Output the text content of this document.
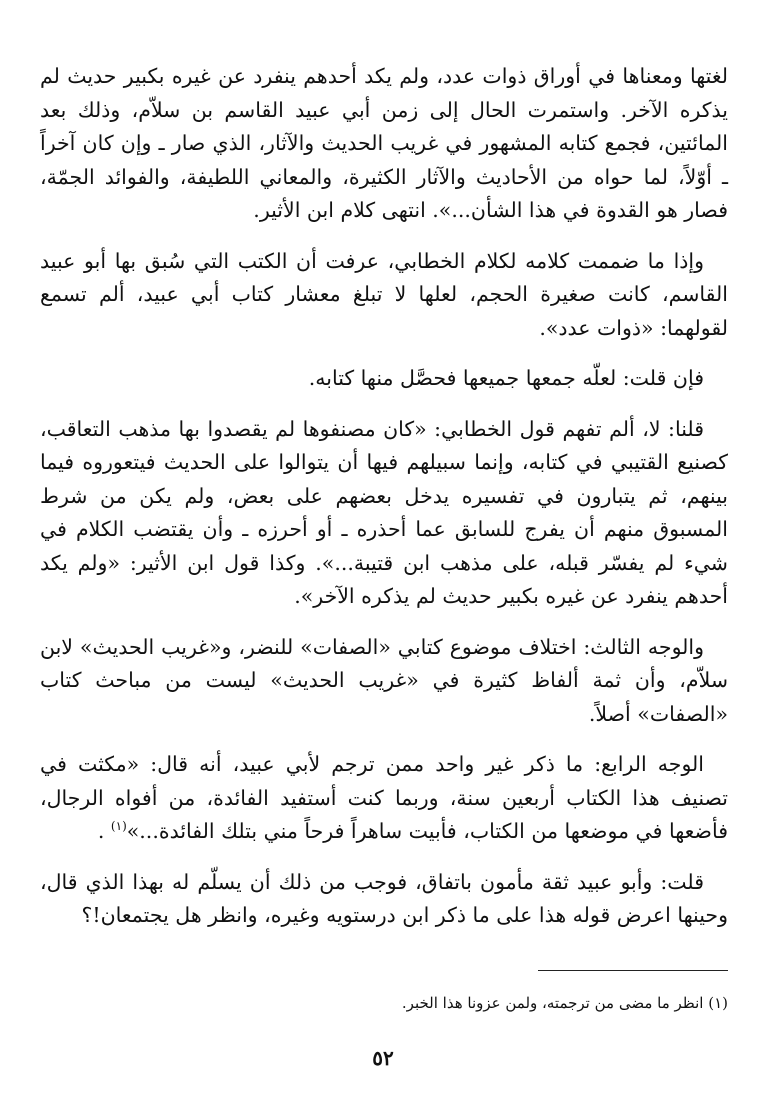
لغتها ومعناها في أوراق ذوات عدد، ولم يكد أحدهم ينفرد عن غيره بكبير حديث لم يذكره الآخر. واستمرت الحال إلى زمن أبي عبيد القاسم بن سلاّم، وذلك بعد المائتين، فجمع كتابه المشهور في غريب الحديث والآثار، الذي صار ـ وإن كان آخراً ـ أوّلاً، لما حواه من الأحاديث والآثار الكثيرة، والمعاني اللطيفة، والفوائد الجمّة، فصار هو القدوة في هذا الشأن...». انتهى كلام ابن الأثير.

وإذا ما ضممت كلامه لكلام الخطابي، عرفت أن الكتب التي سُبق بها أبو عبيد القاسم، كانت صغيرة الحجم، لعلها لا تبلغ معشار كتاب أبي عبيد، ألم تسمع لقولهما: «ذوات عدد».

فإن قلت: لعلّه جمعها جميعها فحصَّل منها كتابه.

قلنا: لا، ألم تفهم قول الخطابي: «كان مصنفوها لم يقصدوا بها مذهب التعاقب، كصنيع القتيبي في كتابه، وإنما سبيلهم فيها أن يتوالوا على الحديث فيتعوروه فيما بينهم، ثم يتبارون في تفسيره يدخل بعضهم على بعض، ولم يكن من شرط المسبوق منهم أن يفرج للسابق عما أحذره ـ أو أحرزه ـ وأن يقتضب الكلام في شيء لم يفسّر قبله، على مذهب ابن قتيبة...». وكذا قول ابن الأثير: «ولم يكد أحدهم ينفرد عن غيره بكبير حديث لم يذكره الآخر».

والوجه الثالث: اختلاف موضوع كتابي «الصفات» للنضر، و«غريب الحديث» لابن سلاّم، وأن ثمة ألفاظ كثيرة في «غريب الحديث» ليست من مباحث كتاب «الصفات» أصلاً.

الوجه الرابع: ما ذكر غير واحد ممن ترجم لأبي عبيد، أنه قال: «مكثت في تصنيف هذا الكتاب أربعين سنة، وربما كنت أستفيد الفائدة، من أفواه الرجال، فأضعها في موضعها من الكتاب، فأبيت ساهراً فرحاً مني بتلك الفائدة...»$^{(١)}$ .

قلت: وأبو عبيد ثقة مأمون باتفاق، فوجب من ذلك أن يسلّم له بهذا الذي قال، وحينها اعرض قوله هذا على ما ذكر ابن درستويه وغيره، وانظر هل يجتمعان!؟

(١) انظر ما مضى من ترجمته، ولمن عزونا هذا الخبر.
٥٢
